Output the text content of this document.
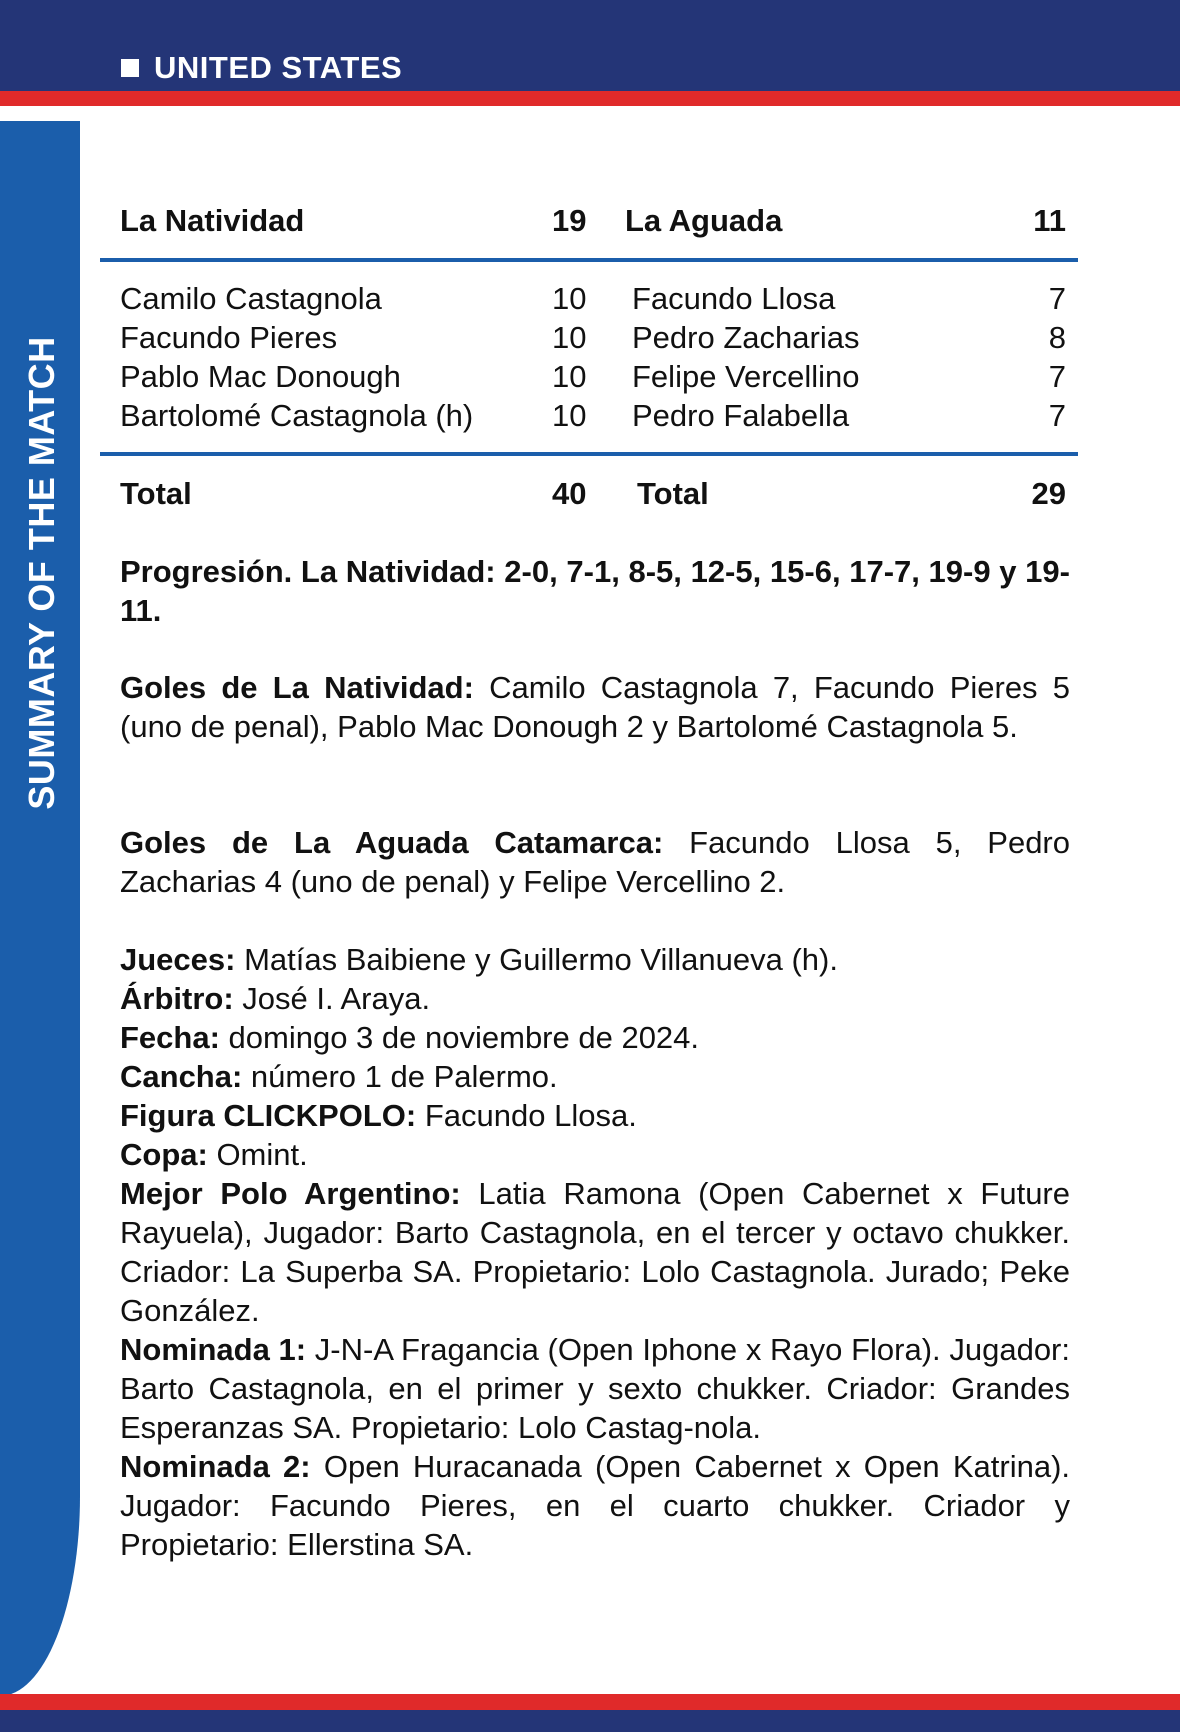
UNITED STATES
SUMMARY OF THE MATCH
La Natividad	19 La Aguada	11
Camilo Castagnola	10 Facundo Llosa	7
Facundo Pieres	10 Pedro Zacharias	8
Pablo Mac Donough	10 Felipe Vercellino	7
Bartolomé Castagnola (h)	10 Pedro Falabella	7
Total	40 Total	29
Progresión. La Natividad: 2-0, 7-1, 8-5, 12-5, 15-6, 17-7, 19-9 y 19-11.
Goles de La Natividad: Camilo Castagnola 7, Facundo Pieres 5 (uno de penal), Pablo Mac Donough 2 y Bartolomé Castagnola 5.
Goles de La Aguada Catamarca: Facundo Llosa 5, Pedro Zacharias 4 (uno de penal) y Felipe Vercellino 2.
Jueces: Matías Baibiene y Guillermo Villanueva (h).
Árbitro: José I. Araya.
Fecha: domingo 3 de noviembre de 2024.
Cancha: número 1 de Palermo.
Figura CLICKPOLO: Facundo Llosa.
Copa: Omint.
Mejor Polo Argentino: Latia Ramona (Open Cabernet x Future Rayuela), Jugador: Barto Castagnola, en el tercer y octavo chukker. Criador: La Superba SA. Propietario: Lolo Castagnola. Jurado; Peke González.
Nominada 1: J-N-A Fragancia (Open Iphone x Rayo Flora). Jugador: Barto Castagnola, en el primer y sexto chukker. Criador: Grandes Esperanzas SA. Propietario: Lolo Castag-nola.
Nominada 2: Open Huracanada (Open Cabernet x Open Katrina). Jugador: Facundo Pieres, en el cuarto chukker. Criador y Propietario: Ellerstina SA.
